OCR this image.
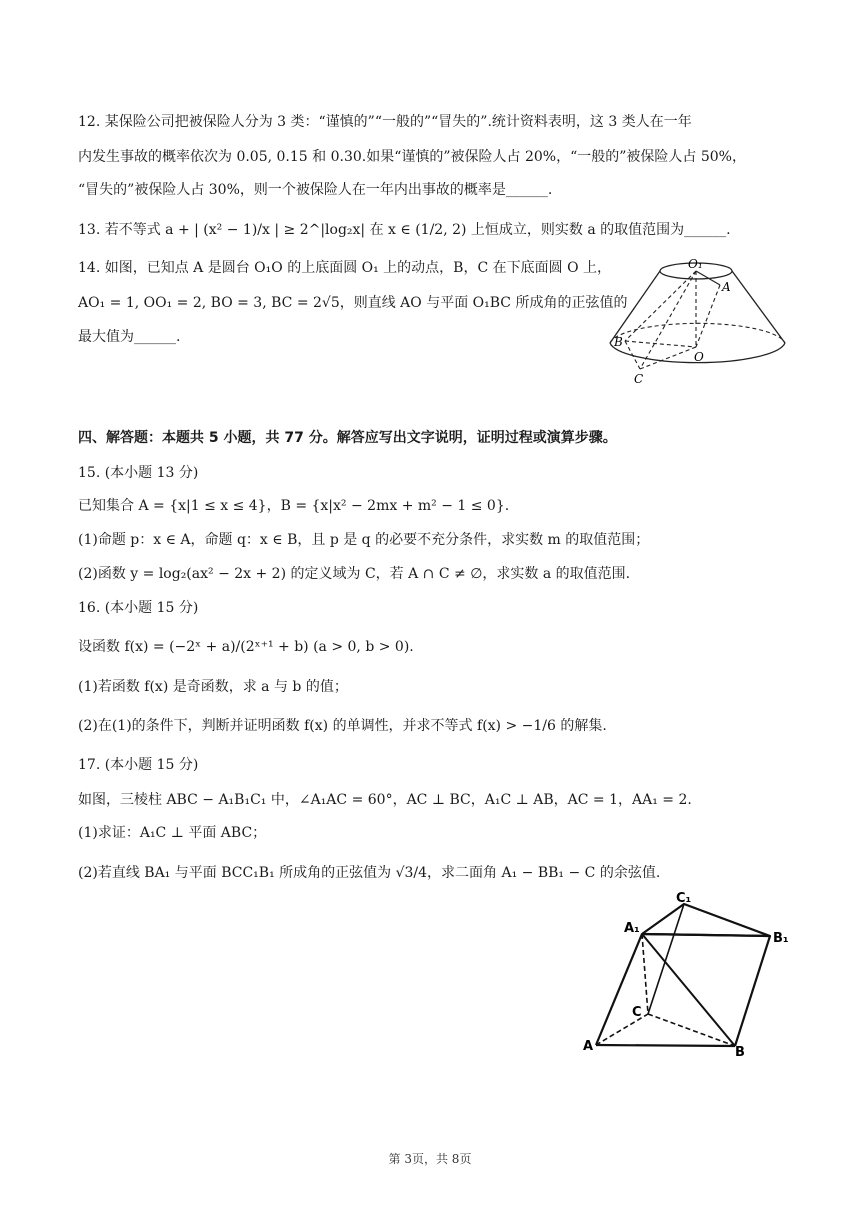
12. 某保险公司把被保险人分为 3 类：“谨慎的”“一般的”“冒失的”.统计资料表明，这 3 类人在一年
内发生事故的概率依次为 0.05, 0.15 和 0.30.如果“谨慎的”被保险人占 20%，“一般的”被保险人占 50%，
“冒失的”被保险人占 30%，则一个被保险人在一年内出事故的概率是______.
13. 若不等式 a + | (x² − 1)/x | ≥ 2^|log₂x| 在 x ∈ (1/2, 2) 上恒成立，则实数 a 的取值范围为______.
14. 如图，已知点 A 是圆台 O₁O 的上底面圆 O₁ 上的动点，B，C 在下底面圆 O 上，
AO₁ = 1, OO₁ = 2, BO = 3, BC = 2√5，则直线 AO 与平面 O₁BC 所成角的正弦值的
最大值为______.
O₁
A
B
O
C
四、解答题：本题共 5 小题，共 77 分。解答应写出文字说明，证明过程或演算步骤。
15. (本小题 13 分)
已知集合 A = {x|1 ≤ x ≤ 4}，B = {x|x² − 2mx + m² − 1 ≤ 0}.
(1)命题 p：x ∈ A，命题 q：x ∈ B，且 p 是 q 的必要不充分条件，求实数 m 的取值范围；
(2)函数 y = log₂(ax² − 2x + 2) 的定义域为 C，若 A ∩ C ≠ ∅，求实数 a 的取值范围.
16. (本小题 15 分)
设函数 f(x) = (−2ˣ + a)/(2ˣ⁺¹ + b) (a > 0, b > 0).
(1)若函数 f(x) 是奇函数，求 a 与 b 的值；
(2)在(1)的条件下，判断并证明函数 f(x) 的单调性，并求不等式 f(x) > −1/6 的解集.
17. (本小题 15 分)
如图，三棱柱 ABC − A₁B₁C₁ 中，∠A₁AC = 60°，AC ⊥ BC，A₁C ⊥ AB，AC = 1，AA₁ = 2.
(1)求证：A₁C ⊥ 平面 ABC；
(2)若直线 BA₁ 与平面 BCC₁B₁ 所成角的正弦值为 √3/4，求二面角 A₁ − BB₁ − C 的余弦值.
C₁
A₁
B₁
C
A	B
第 3页，共 8页
